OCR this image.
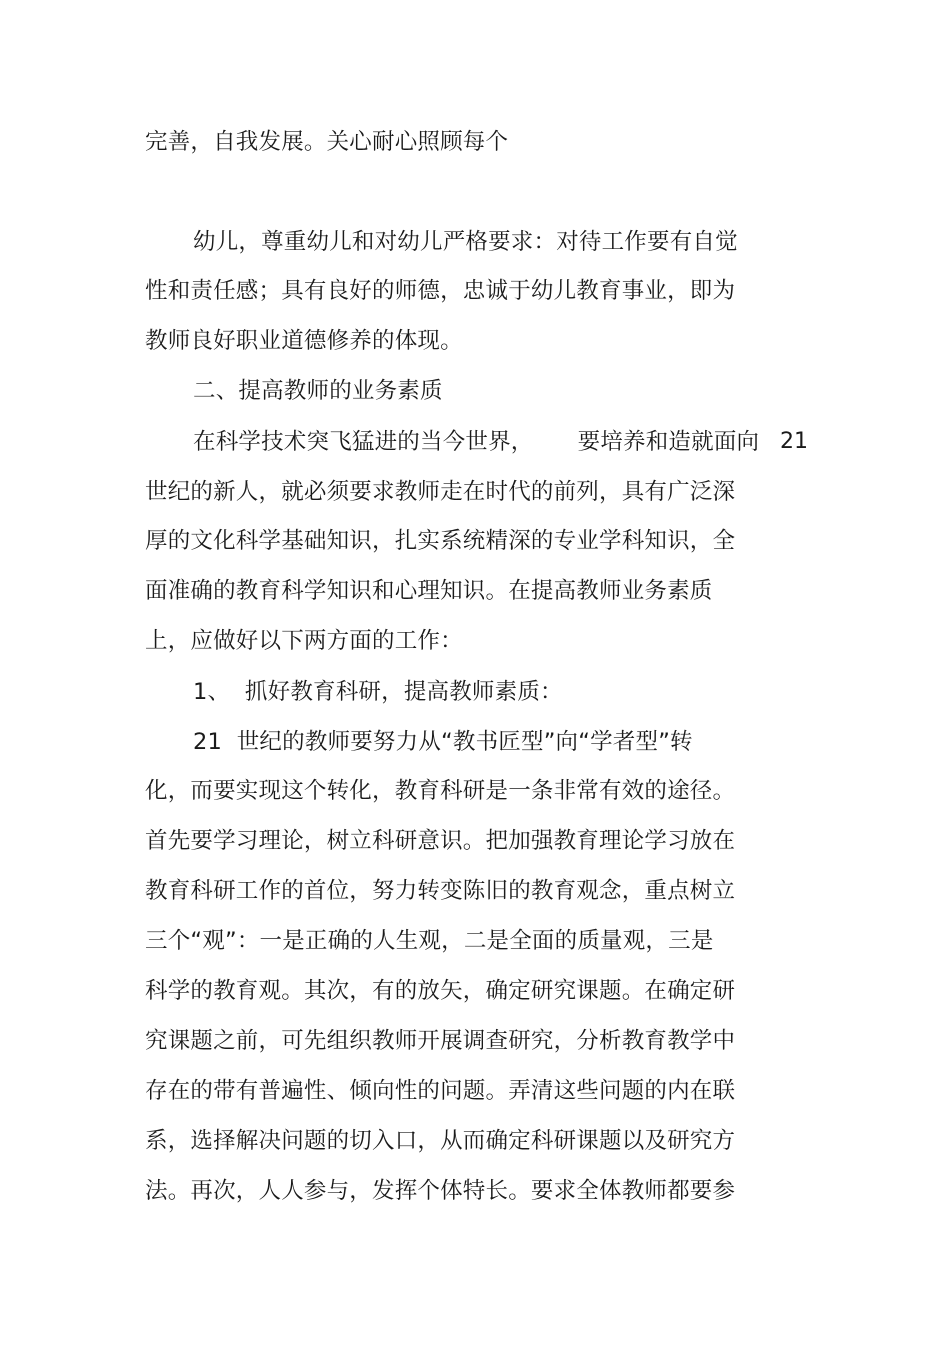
完善，自我发展。关心耐心照顾每个
幼儿，尊重幼儿和对幼儿严格要求：对待工作要有自觉
性和责任感；具有良好的师德，忠诚于幼儿教育事业，即为
教师良好职业道德修养的体现。
二、提高教师的业务素质
在科学技术突飞猛进的当今世界，      要培养和造就面向 21
世纪的新人，就必须要求教师走在时代的前列，具有广泛深
厚的文化科学基础知识，扎实系统精深的专业学科知识，全
面准确的教育科学知识和心理知识。在提高教师业务素质
上，应做好以下两方面的工作：
1、  抓好教育科研，提高教师素质：
21  世纪的教师要努力从“教书匠型”向“学者型”转
化，而要实现这个转化，教育科研是一条非常有效的途径。
首先要学习理论，树立科研意识。把加强教育理论学习放在
教育科研工作的首位，努力转变陈旧的教育观念，重点树立
三个“观”：一是正确的人生观，二是全面的质量观，三是
科学的教育观。其次，有的放矢，确定研究课题。在确定研
究课题之前，可先组织教师开展调查研究，分析教育教学中
存在的带有普遍性、倾向性的问题。弄清这些问题的内在联
系，选择解决问题的切入口，从而确定科研课题以及研究方
法。再次，人人参与，发挥个体特长。要求全体教师都要参
